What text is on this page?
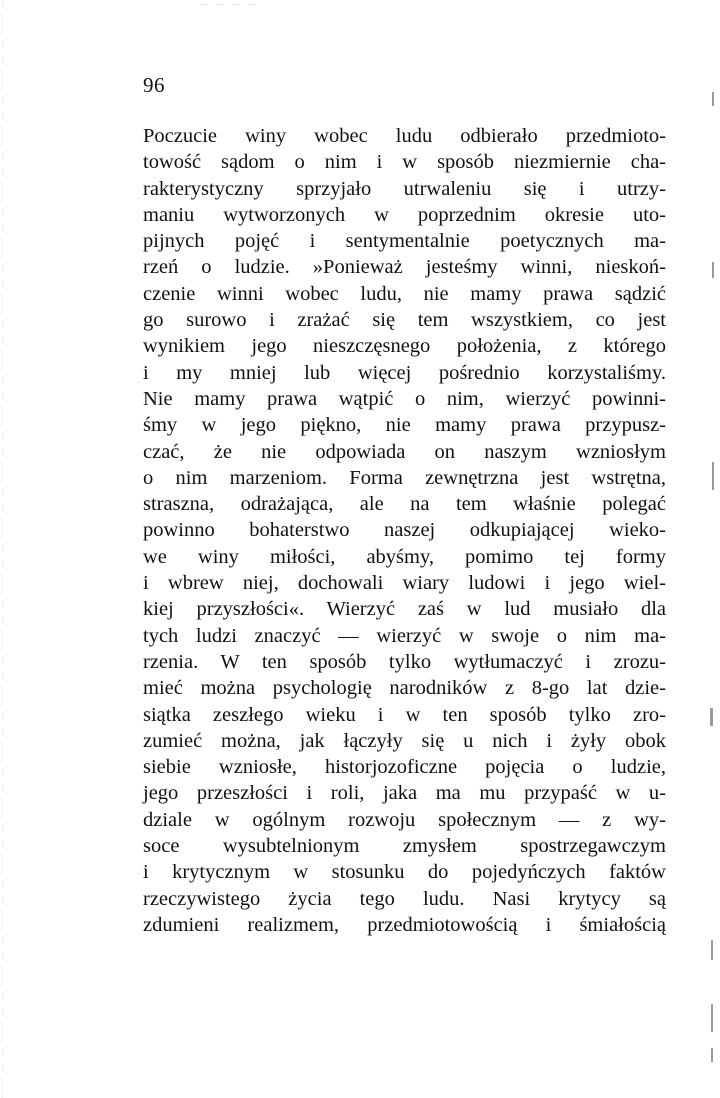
96
Poczucie winy wobec ludu odbierało przedmioto-
towość sądom o nim i w sposób niezmiernie cha-
rakterystyczny sprzyjało utrwaleniu się i utrzy-
maniu wytworzonych w poprzednim okresie uto-
pijnych pojęć i sentymentalnie poetycznych ma-
rzeń o ludzie. »Ponieważ jesteśmy winni, nieskoń-
czenie winni wobec ludu, nie mamy prawa sądzić
go surowo i zrażać się tem wszystkiem, co jest
wynikiem jego nieszczęsnego położenia, z którego
i my mniej lub więcej pośrednio korzystaliśmy.
Nie mamy prawa wątpić o nim, wierzyć powinni-
śmy w jego piękno, nie mamy prawa przypusz-
czać, że nie odpowiada on naszym wzniosłym
o nim marzeniom. Forma zewnętrzna jest wstrętna,
straszna, odrażająca, ale na tem właśnie polegać
powinno bohaterstwo naszej odkupiającej wieko-
we winy miłości, abyśmy, pomimo tej formy
i wbrew niej, dochowali wiary ludowi i jego wiel-
kiej przyszłości«. Wierzyć zaś w lud musiało dla
tych ludzi znaczyć — wierzyć w swoje o nim ma-
rzenia. W ten sposób tylko wytłumaczyć i zrozu-
mieć można psychologię narodników z 8-go lat dzie-
siątka zeszłego wieku i w ten sposób tylko zro-
zumieć można, jak łączyły się u nich i żyły obok
siebie wzniosłe, historjozoficzne pojęcia o ludzie,
jego przeszłości i roli, jaka ma mu przypaść w u-
dziale w ogólnym rozwoju społecznym — z wy-
soce wysubtelnionym zmysłem spostrzegawczym
i krytycznym w stosunku do pojedyńczych faktów
rzeczywistego życia tego ludu. Nasi krytycy są
zdumieni realizmem, przedmiotowością i śmiałością
